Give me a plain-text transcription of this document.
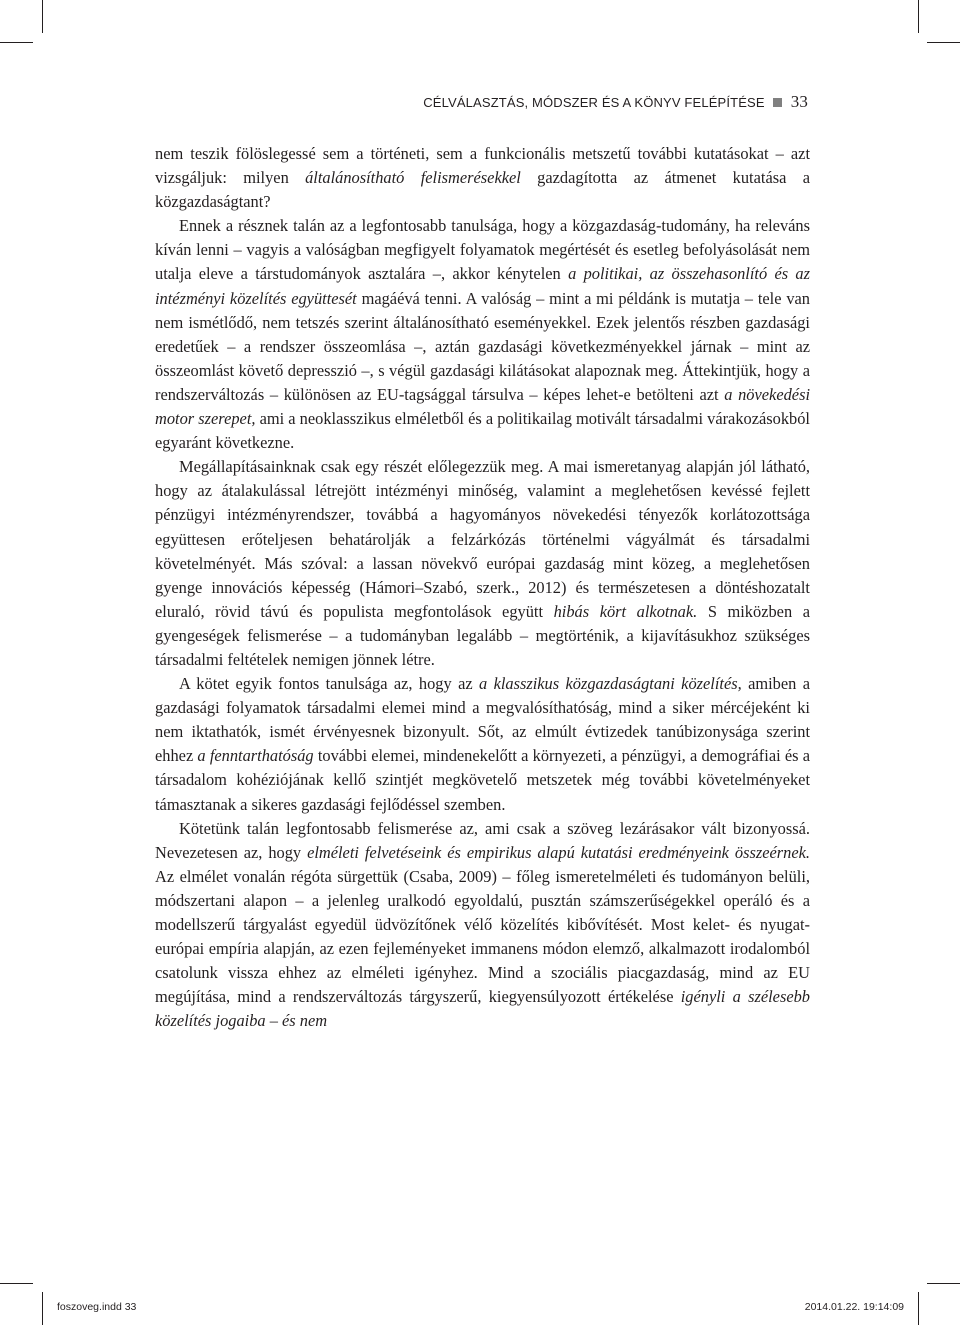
CÉLVÁLASZTÁS, MÓDSZER ÉS A KÖNYV FELÉPÍTÉSE 33

nem teszik fölöslegessé sem a történeti, sem a funkcionális metszetű további kutatásokat – azt vizsgáljuk: milyen általánosítható felismerésekkel gazdagította az átmenet kutatása a közgazdaságtant?

Ennek a résznek talán az a legfontosabb tanulsága, hogy a közgazdaság-tudomány, ha releváns kíván lenni – vagyis a valóságban megfigyelt folyamatok megértését és esetleg befolyásolását nem utalja eleve a társtudományok asztalára –, akkor kénytelen a politikai, az összehasonlító és az intézményi közelítés együttesét magáévá tenni. A valóság – mint a mi példánk is mutatja – tele van nem ismétlődő, nem tetszés szerint általánosítható eseményekkel. Ezek jelentős részben gazdasági eredetűek – a rendszer összeomlása –, aztán gazdasági következményekkel járnak – mint az összeomlást követő depresszió –, s végül gazdasági kilátásokat alapoznak meg. Áttekintjük, hogy a rendszerváltozás – különösen az EU-tagsággal társulva – képes lehet-e betölteni azt a növekedési motor szerepet, ami a neoklasszikus elméletből és a politikailag motivált társadalmi várakozásokból egyaránt következne.

Megállapításainknak csak egy részét előlegezzük meg. A mai ismeretanyag alapján jól látható, hogy az átalakulással létrejött intézményi minőség, valamint a meglehetősen kevéssé fejlett pénzügyi intézményrendszer, továbbá a hagyományos növekedési tényezők korlátozottsága együttesen erőteljesen behatárolják a felzárkózás történelmi vágyálmát és társadalmi követelményét. Más szóval: a lassan növekvő európai gazdaság mint közeg, a meglehetősen gyenge innovációs képesség (Hámori–Szabó, szerk., 2012) és természetesen a döntéshozatalt eluraló, rövid távú és populista megfontolások együtt hibás kört alkotnak. S miközben a gyengeségek felismerése – a tudományban legalább – megtörténik, a kijavításukhoz szükséges társadalmi feltételek nemigen jönnek létre.

A kötet egyik fontos tanulsága az, hogy az a klasszikus közgazdaságtani közelítés, amiben a gazdasági folyamatok társadalmi elemei mind a megvalósíthatóság, mind a siker mércéjeként ki nem iktathatók, ismét érvényesnek bizonyult. Sőt, az elmúlt évtizedek tanúbizonysága szerint ehhez a fenntarthatóság további elemei, mindenekelőtt a környezeti, a pénzügyi, a demográfiai és a társadalom kohéziójának kellő szintjét megkövetelő metszetek még további követelményeket támasztanak a sikeres gazdasági fejlődéssel szemben.

Kötetünk talán legfontosabb felismerése az, ami csak a szöveg lezárásakor vált bizonyossá. Nevezetesen az, hogy elméleti felvetéseink és empirikus alapú kutatási eredményeink összeérnek. Az elmélet vonalán régóta sürgettük (Csaba, 2009) – főleg ismeretelméleti és tudományon belüli, módszertani alapon – a jelenleg uralkodó egyoldalú, pusztán számszerűségekkel operáló és a modellszerű tárgyalást egyedül üdvözítőnek vélő közelítés kibővítését. Most kelet- és nyugat-európai empíria alapján, az ezen fejleményeket immanens módon elemző, alkalmazott irodalomból csatolunk vissza ehhez az elméleti igényhez. Mind a szociális piacgazdaság, mind az EU megújítása, mind a rendszerváltozás tárgyszerű, kiegyensúlyozott értékelése igényli a szélesebb közelítés jogaiba – és nem

foszoveg.indd 33	2014.01.22. 19:14:09
